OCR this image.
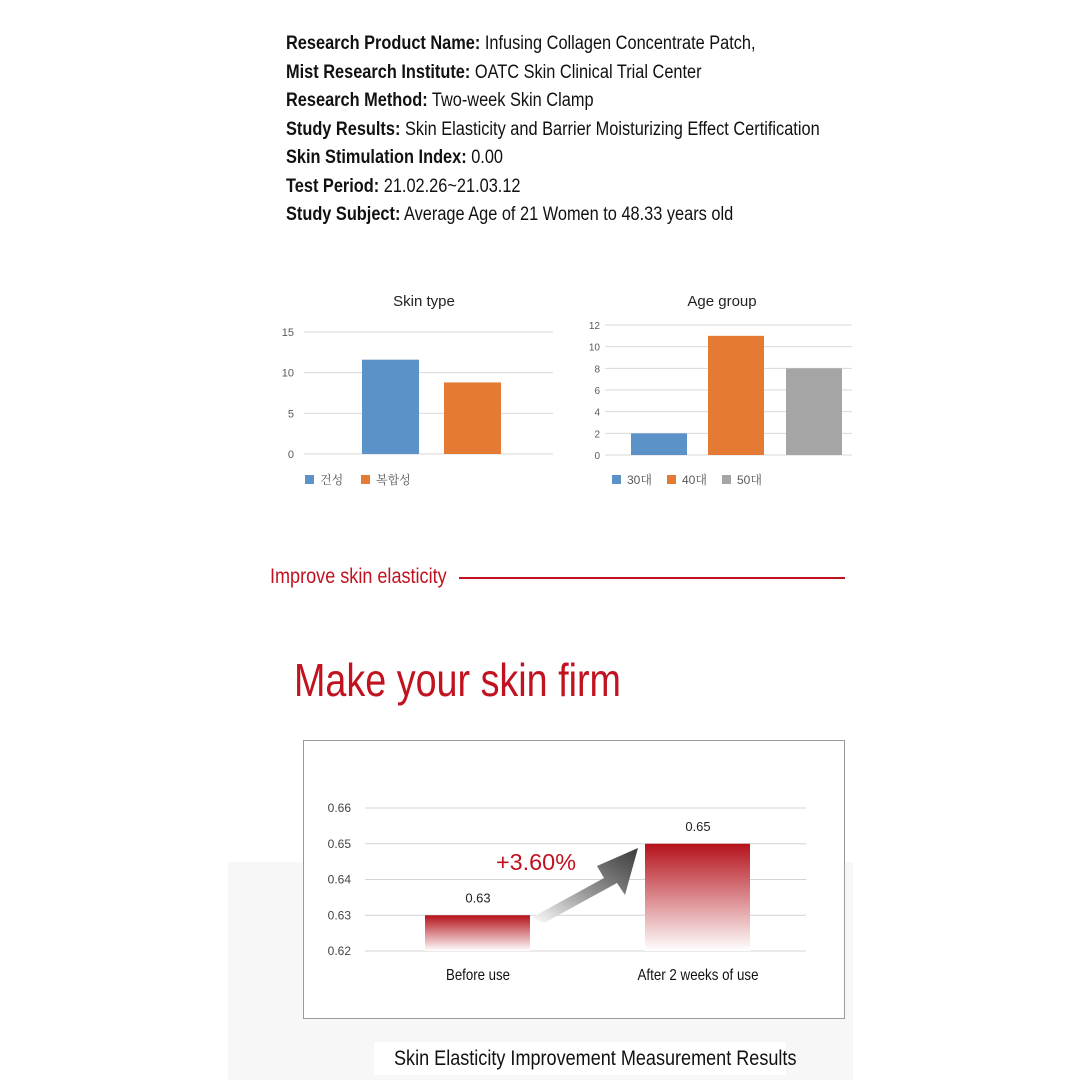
Research Product Name: Infusing Collagen Concentrate Patch,
Mist Research Institute: OATC Skin Clinical Trial Center
Research Method: Two-week Skin Clamp
Study Results: Skin Elasticity and Barrier Moisturizing Effect Certification
Skin Stimulation Index: 0.00
Test Period: 21.02.26~21.03.12
Study Subject: Average Age of 21 Women to 48.33 years old
Skin type
0
5
10
15
건성	복합성
Age group
0
2
4
6
8
10
12
30대	40대	50대
Improve skin elasticity
Make your skin firm
0.62
0.63
0.64
0.65
0.66
0.63
Before use
0.65
After 2 weeks of use
+3.60%
Skin Elasticity Improvement Measurement Results
